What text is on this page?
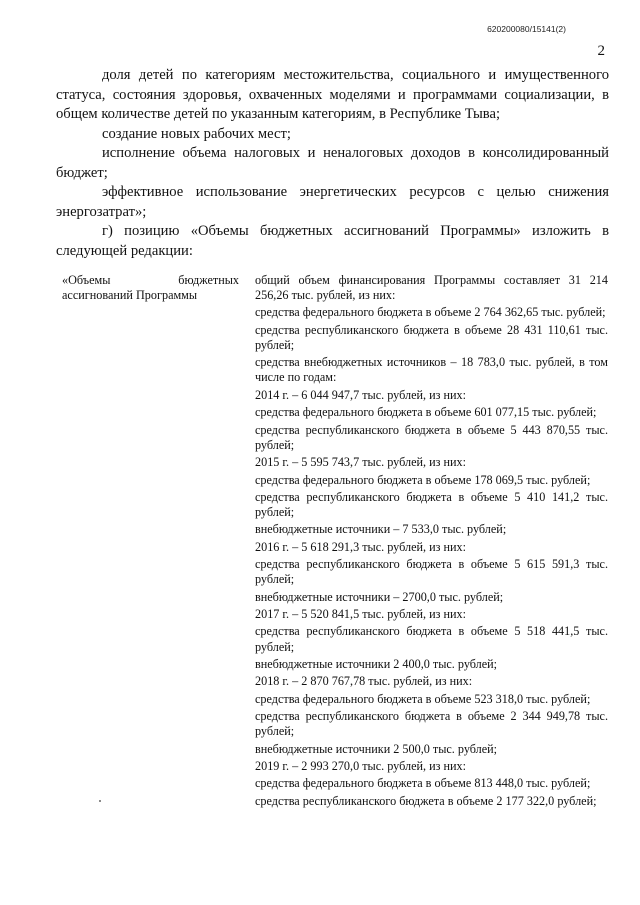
620200080/15141(2)
2

доля детей по категориям местожительства, социального и имущественного статуса, состояния здоровья, охваченных моделями и программами социализации, в общем количестве детей по указанным категориям, в Республике Тыва;

создание новых рабочих мест;

исполнение объема налоговых и неналоговых доходов в консолидированный бюджет;

эффективное использование энергетических ресурсов с целью снижения энергозатрат»;

г) позицию «Объемы бюджетных ассигнований Программы» изложить в следующей редакции:

«Объемы бюджетных ассигнований Программы
общий объем финансирования Программы составляет 31 214 256,26 тыс. рублей, из них:
средства федерального бюджета в объеме 2 764 362,65 тыс. рублей;
средства республиканского бюджета в объеме 28 431 110,61 тыс. рублей;
средства внебюджетных источников – 18 783,0 тыс. рублей, в том числе по годам:
2014 г. – 6 044 947,7 тыс. рублей, из них:
средства федерального бюджета в объеме 601 077,15 тыс. рублей;
средства республиканского бюджета в объеме 5 443 870,55 тыс. рублей;
2015 г. – 5 595 743,7 тыс. рублей, из них:
средства федерального бюджета в объеме 178 069,5 тыс. рублей;
средства республиканского бюджета в объеме 5 410 141,2 тыс. рублей;
внебюджетные источники – 7 533,0 тыс. рублей;
2016 г. – 5 618 291,3 тыс. рублей, из них:
средства республиканского бюджета в объеме 5 615 591,3 тыс. рублей;
внебюджетные источники – 2700,0 тыс. рублей;
2017 г. – 5 520 841,5 тыс. рублей, из них:
средства республиканского бюджета в объеме 5 518 441,5 тыс. рублей;
внебюджетные источники 2 400,0 тыс. рублей;
2018 г. – 2 870 767,78 тыс. рублей, из них:
средства федерального бюджета в объеме 523 318,0 тыс. рублей;
средства республиканского бюджета в объеме 2 344 949,78 тыс. рублей;
внебюджетные источники 2 500,0 тыс. рублей;
2019 г. – 2 993 270,0 тыс. рублей, из них:
средства федерального бюджета в объеме 813 448,0 тыс. рублей;
средства республиканского бюджета в объеме 2 177 322,0 рублей;
